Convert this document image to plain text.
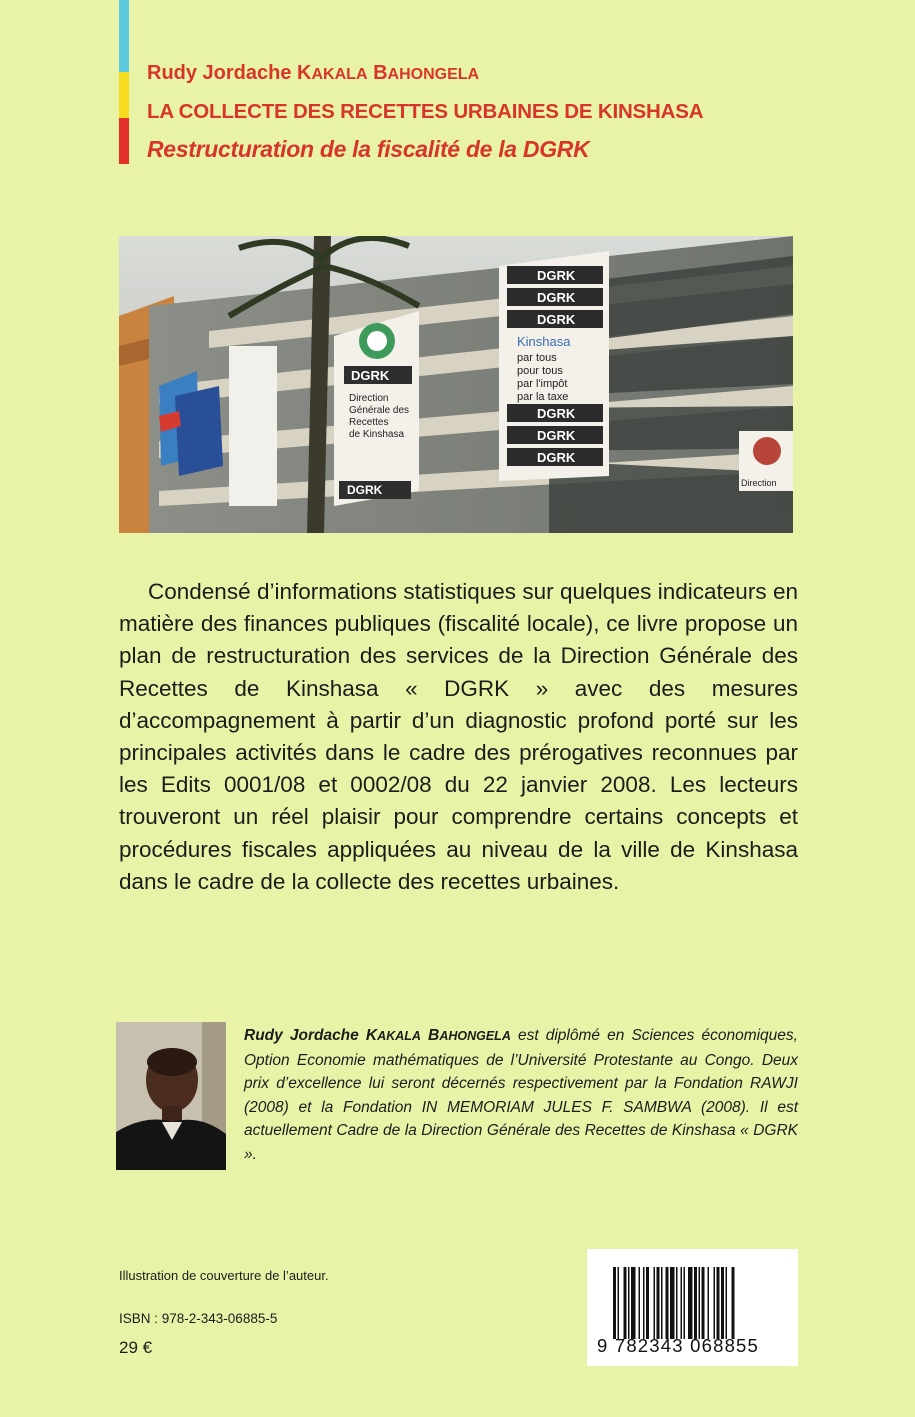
Rudy Jordache KAKALA BAHONGELA
LA COLLECTE DES RECETTES URBAINES DE KINSHASA
Restructuration de la fiscalité de la DGRK
DGRK
Direction Générale des Recettes de Kinshasa
DGRK
DGRK
DGRK
DGRK
DGRK
DGRK
DGRK
Kinshasa
par tous
pour tous
par l'impôt
par la taxe
Direction

Condensé d’informations statistiques sur quelques indicateurs en matière des finances publiques (fiscalité locale), ce livre propose un plan de restructuration des services de la Direction Générale des Recettes de Kinshasa « DGRK » avec des mesures d’accompagnement à partir d’un diagnostic profond porté sur les principales activités dans le cadre des prérogatives reconnues par les Edits 0001/08 et 0002/08 du 22 janvier 2008. Les lecteurs trouveront un réel plaisir pour comprendre certains concepts et procédures fiscales appliquées au niveau de la ville de Kinshasa dans le cadre de la collecte des recettes urbaines.

Rudy Jordache KAKALA BAHONGELA est diplômé en Sciences économiques, Option Economie mathématiques de l’Université Protestante au Congo. Deux prix d’excellence lui seront décernés respectivement par la Fondation RAWJI (2008) et la Fondation IN MEMORIAM JULES F. SAMBWA (2008). Il est actuellement Cadre de la Direction Générale des Recettes de Kinshasa « DGRK ».

Illustration de couverture de l’auteur.
ISBN : 978-2-343-06885-5
29 €	9 782343 068855
